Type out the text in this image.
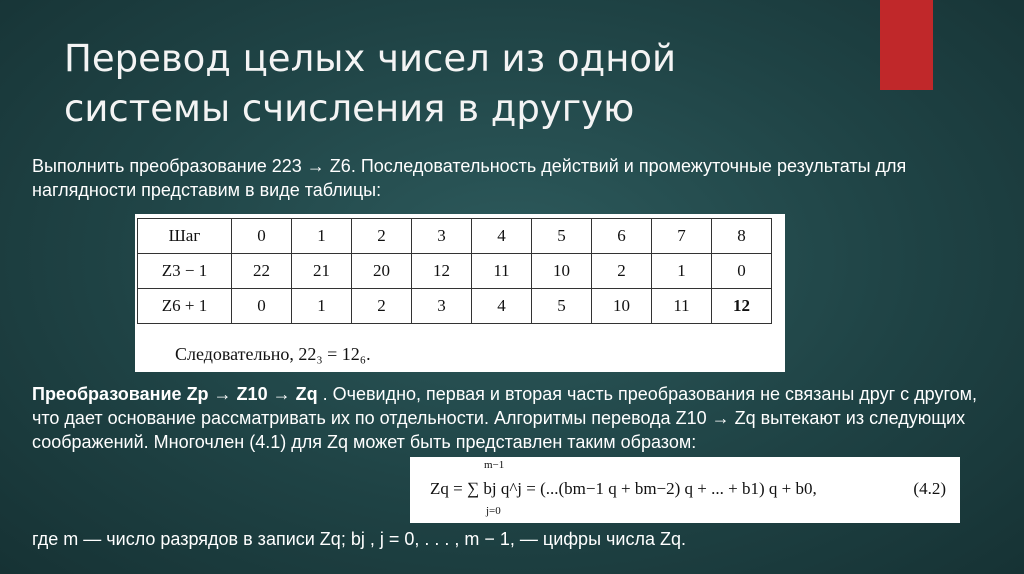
Перевод целых чисел из одной
системы счисления в другую
Выполнить преобразование 223 → Z6. Последовательность действий и промежуточные результаты для наглядности представим в виде таблицы:
Шаг	0	1	2	3	4	5	6	7	8
Z3 − 1	22	21	20	12	11	10	2	1	0
Z6 + 1	0	1	2	3	4	5	10	11	12
Следовательно, 22₃ = 12₆.
Преобразование Zp → Z10 → Zq . Очевидно, первая и вторая часть преобразования не связаны друг с другом, что дает основание рассматривать их по отдельности. Алгоритмы перевода Z10 → Zq вытекают из следующих соображений. Многочлен (4.1) для Zq может быть представлен таким образом:
m−1
Zq = ∑ bj q^j = (...(bm−1 q + bm−2) q + ... + b1) q + b0,
j=0
(4.2)
где m — число разрядов в записи Zq; bj , j = 0, . . . , m − 1, — цифры числа Zq.
